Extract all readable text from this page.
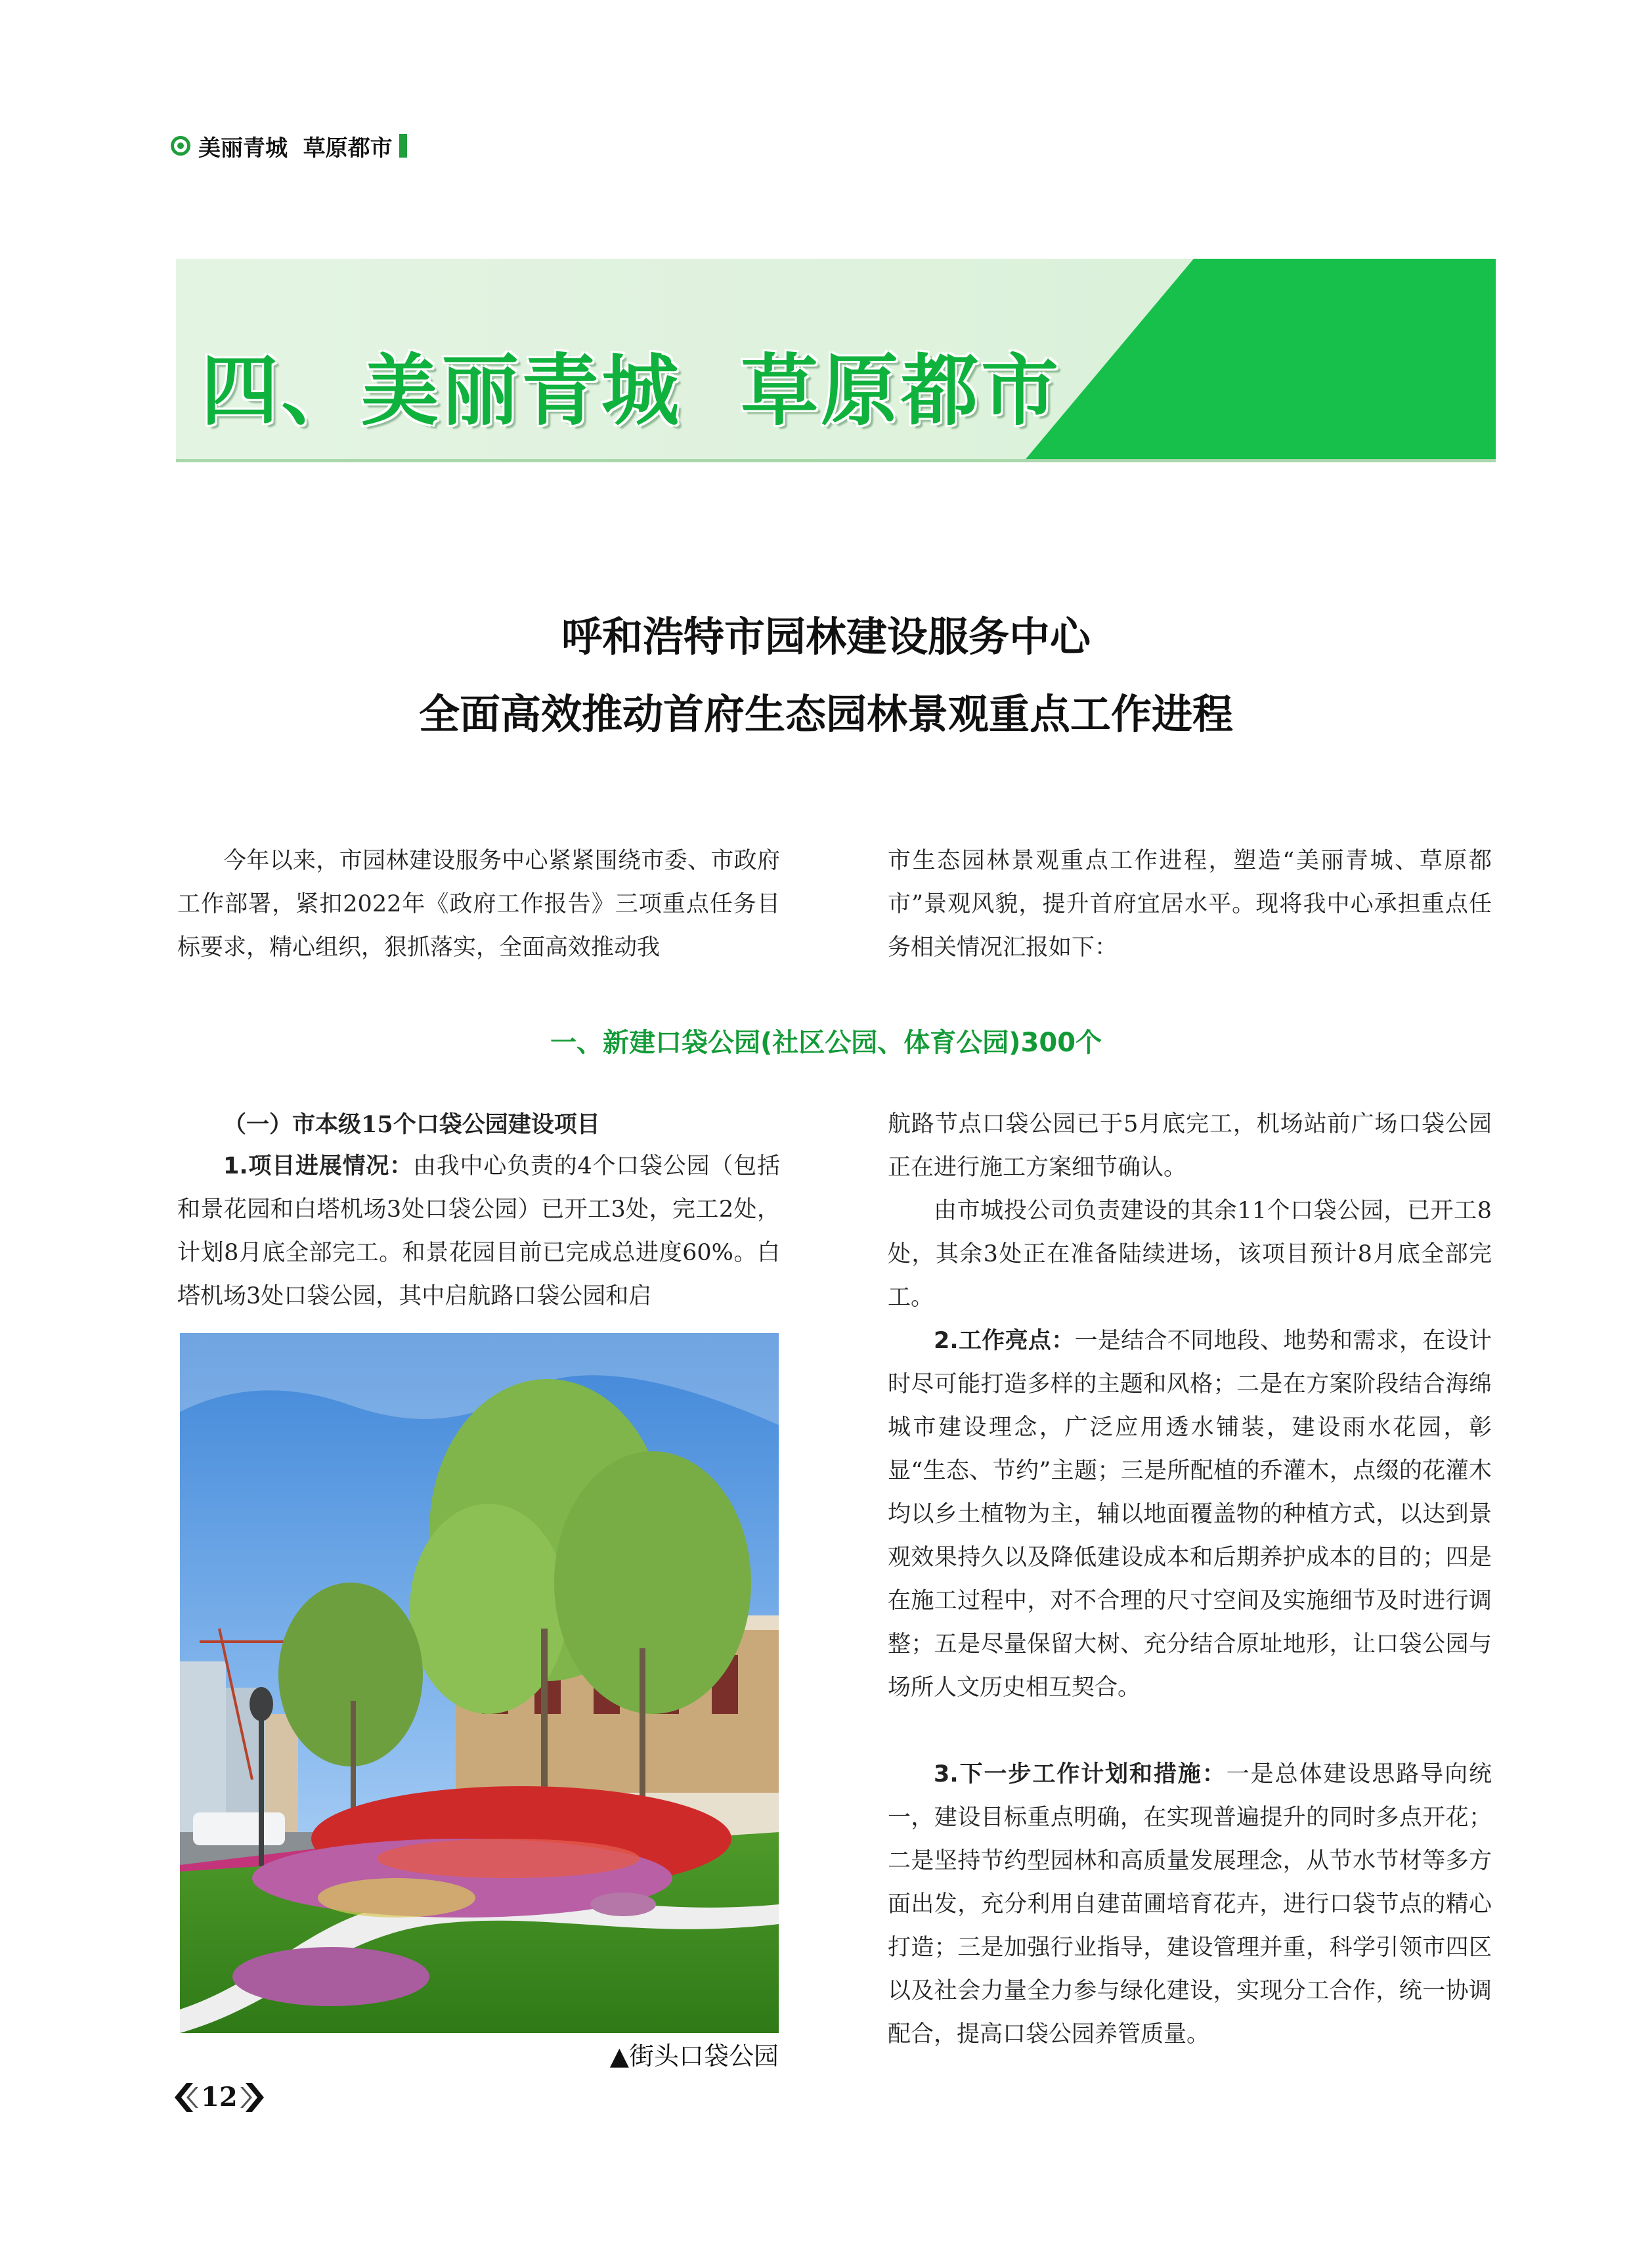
美丽青城  草原都市
四、美丽青城  草原都市
呼和浩特市园林建设服务中心
全面高效推动首府生态园林景观重点工作进程
今年以来，市园林建设服务中心紧紧围绕市委、市政府工作部署，紧扣2022年《政府工作报告》三项重点任务目标要求，精心组织，狠抓落实，全面高效推动我
市生态园林景观重点工作进程，塑造“美丽青城、草原都市”景观风貌，提升首府宜居水平。现将我中心承担重点任务相关情况汇报如下：
一、新建口袋公园(社区公园、体育公园)300个
（一）市本级15个口袋公园建设项目
1.项目进展情况：由我中心负责的4个口袋公园（包括和景花园和白塔机场3处口袋公园）已开工3处，完工2处，计划8月底全部完工。和景花园目前已完成总进度60%。白塔机场3处口袋公园，其中启航路口袋公园和启
▲街头口袋公园
航路节点口袋公园已于5月底完工，机场站前广场口袋公园正在进行施工方案细节确认。
由市城投公司负责建设的其余11个口袋公园，已开工8处，其余3处正在准备陆续进场，该项目预计8月底全部完工。
2.工作亮点：一是结合不同地段、地势和需求，在设计时尽可能打造多样的主题和风格；二是在方案阶段结合海绵城市建设理念，广泛应用透水铺装，建设雨水花园，彰显“生态、节约”主题；三是所配植的乔灌木，点缀的花灌木均以乡土植物为主，辅以地面覆盖物的种植方式，以达到景观效果持久以及降低建设成本和后期养护成本的目的；四是在施工过程中，对不合理的尺寸空间及实施细节及时进行调整；五是尽量保留大树、充分结合原址地形，让口袋公园与场所人文历史相互契合。
3.下一步工作计划和措施：一是总体建设思路导向统一，建设目标重点明确，在实现普遍提升的同时多点开花；二是坚持节约型园林和高质量发展理念，从节水节材等多方面出发，充分利用自建苗圃培育花卉，进行口袋节点的精心打造；三是加强行业指导，建设管理并重，科学引领市四区以及社会力量全力参与绿化建设，实现分工合作，统一协调配合，提高口袋公园养管质量。
12
